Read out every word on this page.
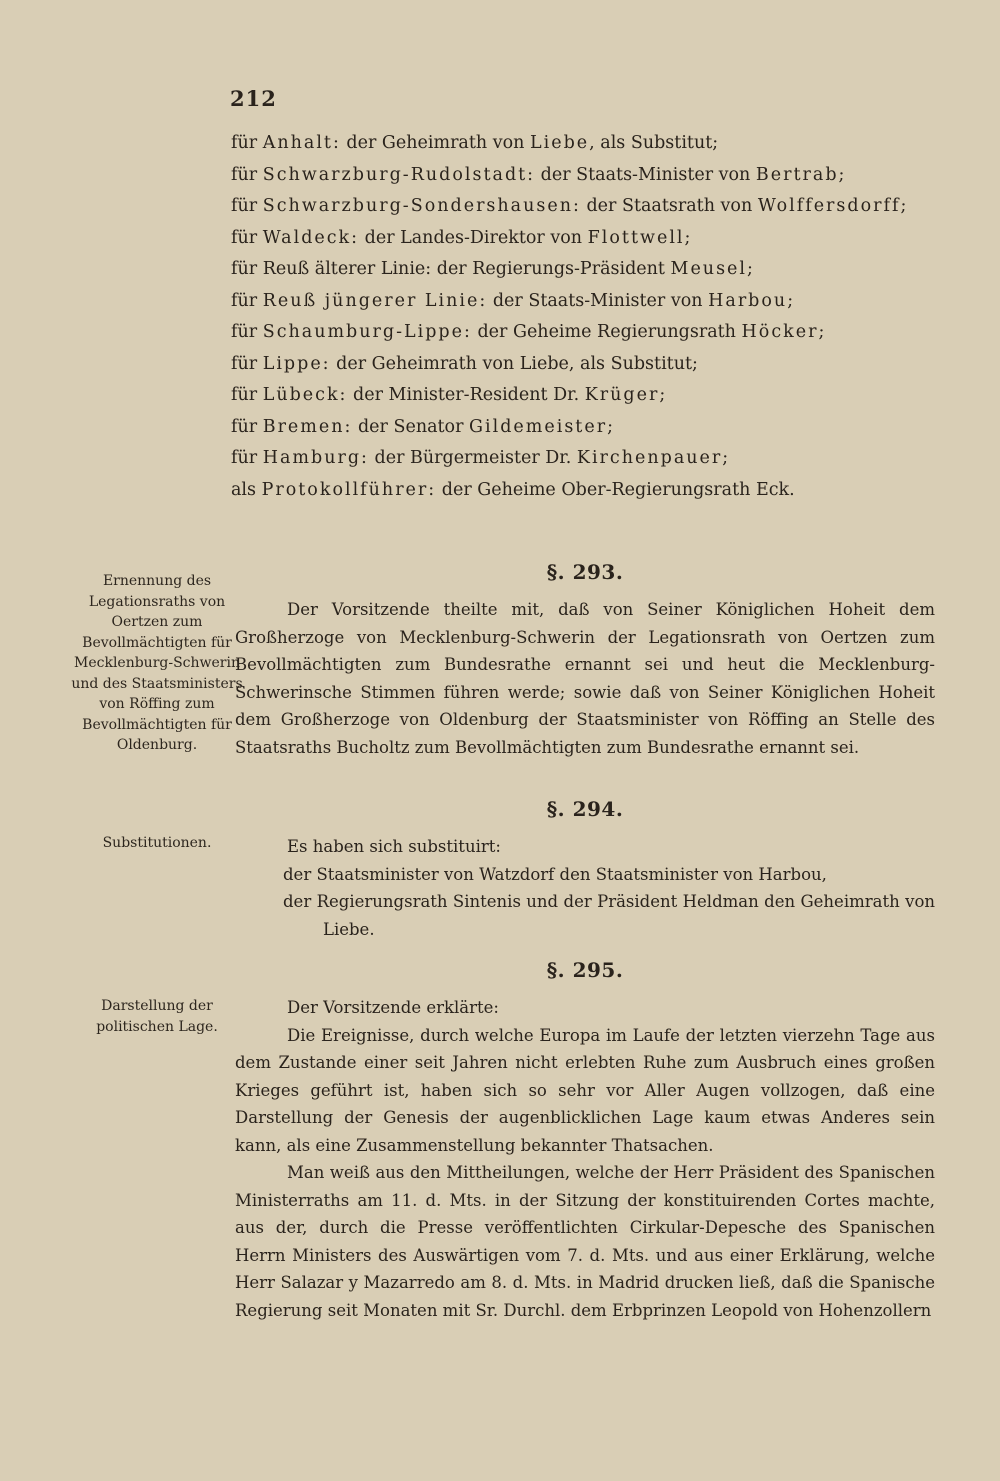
212
für Anhalt: der Geheimrath von Liebe, als Substitut;
für Schwarzburg-Rudolstadt: der Staats-Minister von Bertrab;
für Schwarzburg-Sondershausen: der Staatsrath von Wolffersdorff;
für Waldeck: der Landes-Direktor von Flottwell;
für Reuß älterer Linie: der Regierungs-Präsident Meusel;
für Reuß jüngerer Linie: der Staats-Minister von Harbou;
für Schaumburg-Lippe: der Geheime Regierungsrath Höcker;
für Lippe: der Geheimrath von Liebe, als Substitut;
für Lübeck: der Minister-Resident Dr. Krüger;
für Bremen: der Senator Gildemeister;
für Hamburg: der Bürgermeister Dr. Kirchenpauer;
als Protokollführer: der Geheime Ober-Regierungsrath Eck.
Ernennung des Legationsraths von Oertzen zum Bevollmächtigten für Mecklenburg-Schwerin und des Staatsministers von Röffing zum Bevollmächtigten für Oldenburg.
§. 293.

Der Vorsitzende theilte mit, daß von Seiner Königlichen Hoheit dem Großherzoge von Mecklenburg-Schwerin der Legationsrath von Oertzen zum Bevollmächtigten zum Bundesrathe ernannt sei und heut die Mecklenburg-Schwerinsche Stimmen führen werde; sowie daß von Seiner Königlichen Hoheit dem Großherzoge von Oldenburg der Staatsminister von Röffing an Stelle des Staatsraths Bucholtz zum Bevollmächtigten zum Bundesrathe ernannt sei.

Substitutionen.
§. 294.

Es haben sich substituirt:

der Staatsminister von Watzdorf den Staatsminister von Harbou,

der Regierungsrath Sintenis und der Präsident Heldman den Geheimrath von Liebe.

Darstellung der politischen Lage.
§. 295.

Der Vorsitzende erklärte:

Die Ereignisse, durch welche Europa im Laufe der letzten vierzehn Tage aus dem Zustande einer seit Jahren nicht erlebten Ruhe zum Ausbruch eines großen Krieges geführt ist, haben sich so sehr vor Aller Augen vollzogen, daß eine Darstellung der Genesis der augenblicklichen Lage kaum etwas Anderes sein kann, als eine Zusammenstellung bekannter Thatsachen.

Man weiß aus den Mittheilungen, welche der Herr Präsident des Spanischen Ministerraths am 11. d. Mts. in der Sitzung der konstituirenden Cortes machte, aus der, durch die Presse veröffentlichten Cirkular-Depesche des Spanischen Herrn Ministers des Auswärtigen vom 7. d. Mts. und aus einer Erklärung, welche Herr Salazar y Mazarredo am 8. d. Mts. in Madrid drucken ließ, daß die Spanische Regierung seit Monaten mit Sr. Durchl. dem Erbprinzen Leopold von Hohenzollern
